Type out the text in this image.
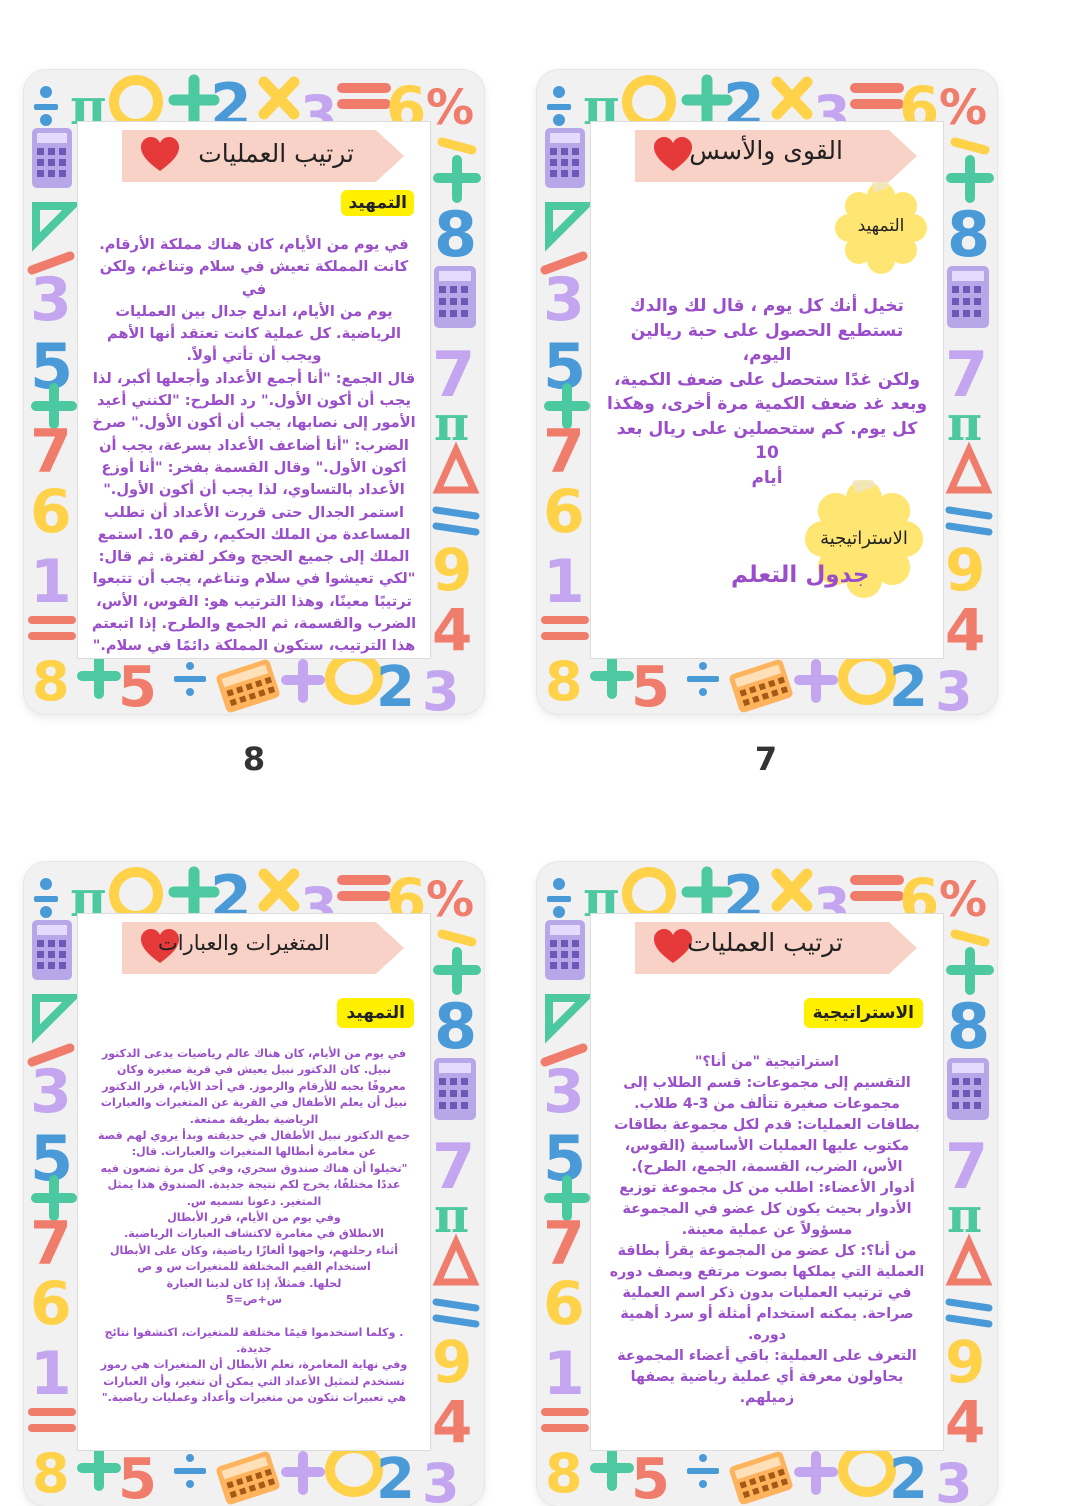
ترتيب العمليات
التمهيد

في يوم من الأيام، كان هناك مملكة الأرقام.

كانت المملكة تعيش في سلام وتناغم، ولكن في

يوم من الأيام، اندلع جدال بين العمليات

الرياضية. كل عملية كانت تعتقد أنها الأهم

ويجب أن تأتي أولاً.

قال الجمع: "أنا أجمع الأعداد وأجعلها أكبر، لذا

يجب أن أكون الأول." رد الطرح: "لكنني أعيد

الأمور إلى نصابها، يجب أن أكون الأول." صرخ

الضرب: "أنا أضاعف الأعداد بسرعة، يجب أن

أكون الأول." وقال القسمة بفخر: "أنا أوزع

الأعداد بالتساوي، لذا يجب أن أكون الأول."

استمر الجدال حتى قررت الأعداد أن تطلب

المساعدة من الملك الحكيم، رقم 10. استمع

الملك إلى جميع الحجج وفكر لفترة. ثم قال:

"لكي تعيشوا في سلام وتناغم، يجب أن تتبعوا

ترتيبًا معينًا، وهذا الترتيب هو: القوس، الأس،

الضرب والقسمة، ثم الجمع والطرح. إذا اتبعتم

هذا الترتيب، ستكون المملكة دائمًا في سلام."

8
القوى والأسس
التمهيد

تخيل أنك كل يوم ، قال لك والدك

تستطيع الحصول على حبة ريالين اليوم،

ولكن غدًا ستحصل على ضعف الكمية،

وبعد غد ضعف الكمية مرة أخرى، وهكذا

كل يوم. كم ستحصلين على ريال بعد 10

أيام

الاستراتيجية
جدول التعلم
7
المتغيرات والعبارات
التمهيد

في يوم من الأيام، كان هناك عالم رياضيات يدعى الدكتور

نبيل. كان الدكتور نبيل يعيش في قرية صغيرة وكان

معروفًا بحبه للأرقام والرموز. في أحد الأيام، قرر الدكتور

نبيل أن يعلم الأطفال في القرية عن المتغيرات والعبارات

الرياضية بطريقة ممتعة.

جمع الدكتور نبيل الأطفال في حديقته وبدأ يروي لهم قصة

عن مغامرة أبطالها المتغيرات والعبارات. قال:

"تخيلوا أن هناك صندوق سحري، وفي كل مرة تضعون فيه

عددًا مختلفًا، يخرج لكم نتيجة جديدة. الصندوق هذا يمثل

المتغير. دعونا نسميه س.

وفي يوم من الأيام، قرر الأبطال

الانطلاق في مغامرة لاكتشاف العبارات الرياضية.

أثناء رحلتهم، واجهوا ألغازًا رياضية، وكان على الأبطال

استخدام القيم المختلفة للمتغيرات س و ص

لحلها. فمثلاً، إذا كان لدينا العبارة

س+ص=5

. وكلما استخدموا قيمًا مختلفة للمتغيرات، اكتشفوا نتائج

جديدة.

وفي نهاية المغامرة، تعلم الأبطال أن المتغيرات هي رموز

تستخدم لتمثيل الأعداد التي يمكن أن تتغير، وأن العبارات

هي تعبيرات تتكون من متغيرات وأعداد وعمليات رياضية."

ترتيب العمليات
الاستراتيجية

استراتيجية "من أنا؟"

التقسيم إلى مجموعات: قسم الطلاب إلى

مجموعات صغيرة تتألف من 3-4 طلاب.

بطاقات العمليات: قدم لكل مجموعة بطاقات

مكتوب عليها العمليات الأساسية (القوس،

الأس، الضرب، القسمة، الجمع، الطرح).

أدوار الأعضاء: اطلب من كل مجموعة توزيع

الأدوار بحيث يكون كل عضو في المجموعة

مسؤولاً عن عملية معينة.

من أنا؟: كل عضو من المجموعة يقرأ بطاقة

العملية التي يملكها بصوت مرتفع ويصف دوره

في ترتيب العمليات بدون ذكر اسم العملية

صراحة. يمكنه استخدام أمثلة أو سرد أهمية

دوره.

التعرف على العملية: باقي أعضاء المجموعة

يحاولون معرفة أي عملية رياضية يصفها

زميلهم.
